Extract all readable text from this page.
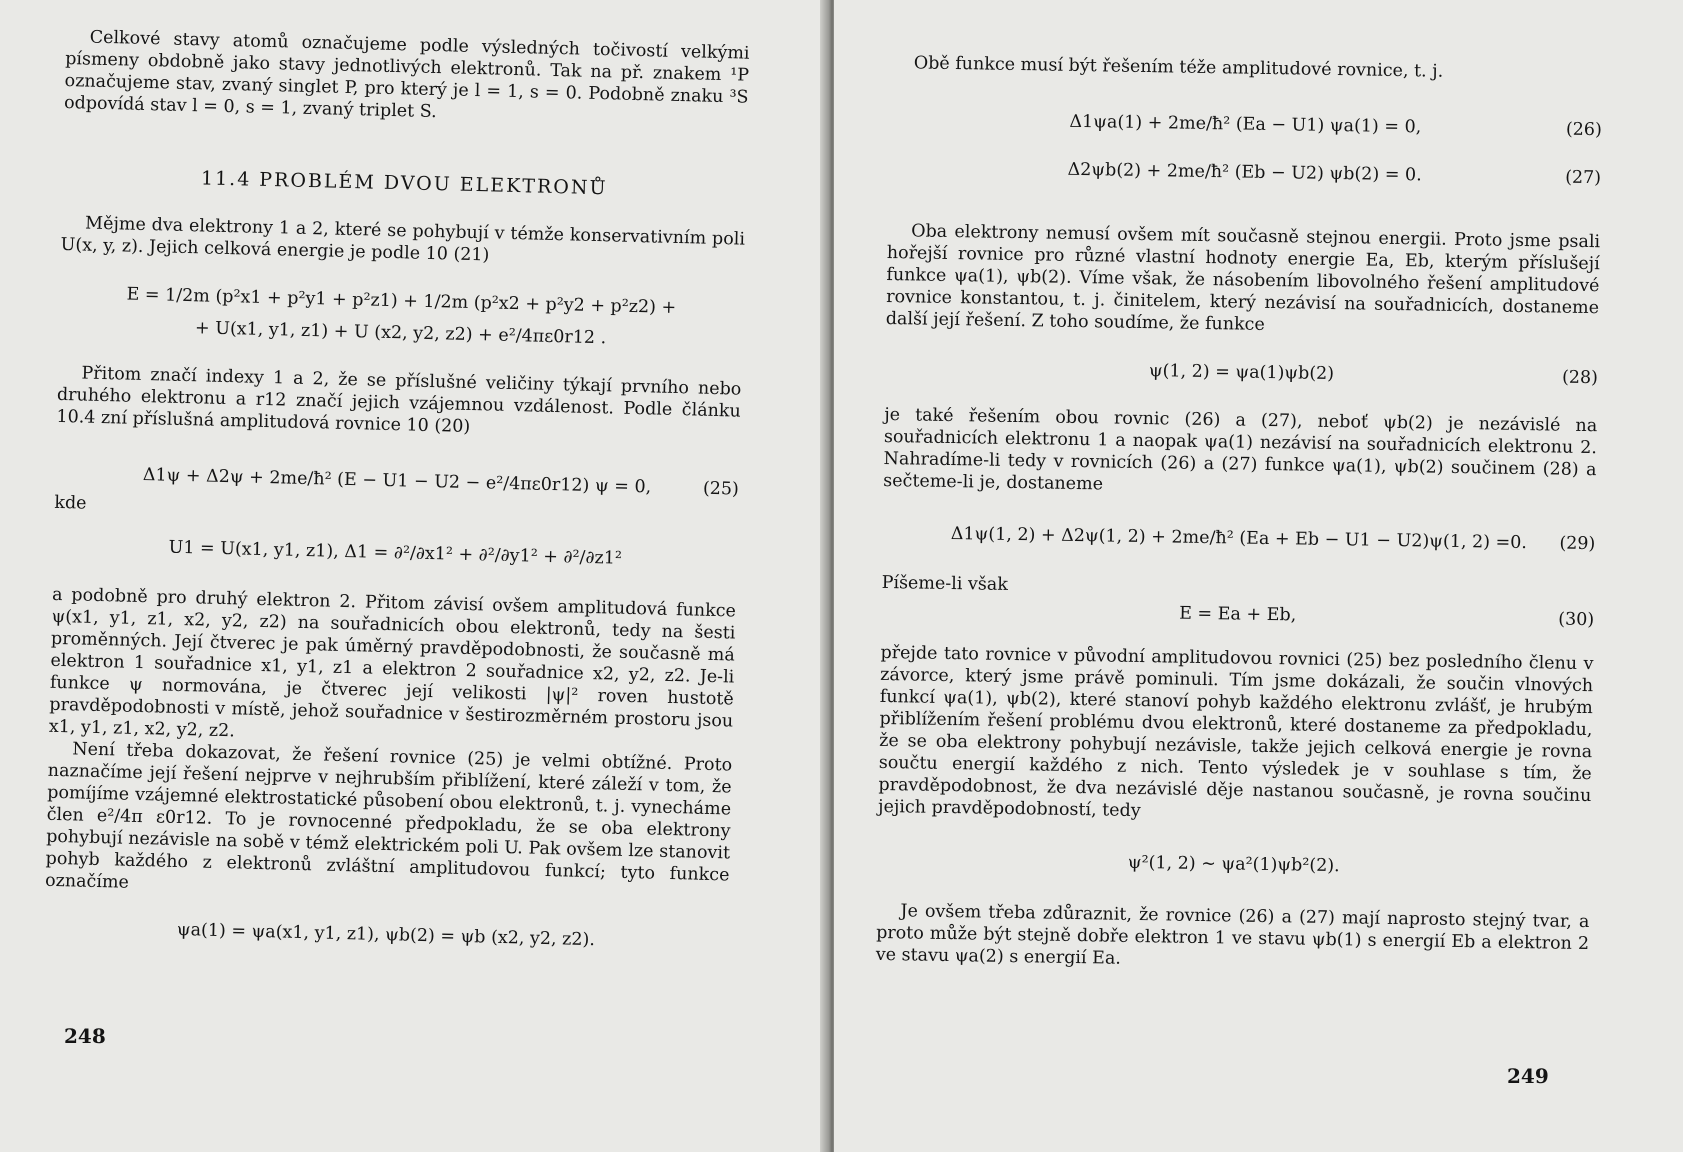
Celkové stavy atomů označujeme podle výsledných točivostí velkými písmeny obdobně jako stavy jednotlivých elektronů. Tak na př. znakem ¹P označujeme stav, zvaný singlet P, pro který je l = 1, s = 0. Podobně znaku ³S odpovídá stav l = 0, s = 1, zvaný triplet S.

11.4 PROBLÉM DVOU ELEKTRONŮ

Mějme dva elektrony 1 a 2, které se pohybují v témže konservativním poli U(x, y, z). Jejich celková energie je podle 10 (21)

E = 1/2m (p²x1 + p²y1 + p²z1) + 1/2m (p²x2 + p²y2 + p²z2) +
+ U(x1, y1, z1) + U (x2, y2, z2) + e²/4πε0r12 .

Přitom značí indexy 1 a 2, že se příslušné veličiny týkají prvního nebo druhého elektronu a r12 značí jejich vzájemnou vzdálenost. Podle článku 10.4 zní příslušná amplitudová rovnice 10 (20)

Δ1ψ + Δ2ψ + 2me/ħ² (E − U1 − U2 − e²/4πε0r12) ψ = 0,	(25)
kde
U1 = U(x1, y1, z1), Δ1 = ∂²/∂x1² + ∂²/∂y1² + ∂²/∂z1²

a podobně pro druhý elektron 2. Přitom závisí ovšem amplitudová funkce ψ(x1, y1, z1, x2, y2, z2) na souřadnicích obou elektronů, tedy na šesti proměnných. Její čtverec je pak úměrný pravděpodobnosti, že současně má elektron 1 souřadnice x1, y1, z1 a elektron 2 souřadnice x2, y2, z2. Je-li funkce ψ normována, je čtverec její velikosti |ψ|² roven hustotě pravděpodobnosti v místě, jehož souřadnice v šestirozměrném prostoru jsou x1, y1, z1, x2, y2, z2.

Není třeba dokazovat, že řešení rovnice (25) je velmi obtížné. Proto naznačíme její řešení nejprve v nejhrubším přiblížení, které záleží v tom, že pomíjíme vzájemné elektrostatické působení obou elektronů, t. j. vynecháme člen e²/4π ε0r12. To je rovnocenné předpokladu, že se oba elektrony pohybují nezávisle na sobě v témž elektrickém poli U. Pak ovšem lze stanovit pohyb každého z elektronů zvláštní amplitudovou funkcí; tyto funkce označíme

ψa(1) = ψa(x1, y1, z1), ψb(2) = ψb (x2, y2, z2).
248

Obě funkce musí být řešením téže amplitudové rovnice, t. j.

Δ1ψa(1) + 2me/ħ² (Ea − U1) ψa(1) = 0,	(26)
Δ2ψb(2) + 2me/ħ² (Eb − U2) ψb(2) = 0.	(27)

Oba elektrony nemusí ovšem mít současně stejnou energii. Proto jsme psali hořejší rovnice pro různé vlastní hodnoty energie Ea, Eb, kterým příslušejí funkce ψa(1), ψb(2). Víme však, že násobením libovolného řešení amplitudové rovnice konstantou, t. j. činitelem, který nezávisí na souřadnicích, dostaneme další její řešení. Z toho soudíme, že funkce

ψ(1, 2) = ψa(1)ψb(2)	(28)

je také řešením obou rovnic (26) a (27), neboť ψb(2) je nezávislé na souřadnicích elektronu 1 a naopak ψa(1) nezávisí na souřadnicích elektronu 2. Nahradíme-li tedy v rovnicích (26) a (27) funkce ψa(1), ψb(2) součinem (28) a sečteme-li je, dostaneme

Δ1ψ(1, 2) + Δ2ψ(1, 2) + 2me/ħ² (Ea + Eb − U1 − U2)ψ(1, 2) =0. (29)

Píšeme-li však

E = Ea + Eb,	(30)

přejde tato rovnice v původní amplitudovou rovnici (25) bez posledního členu v závorce, který jsme právě pominuli. Tím jsme dokázali, že součin vlnových funkcí ψa(1), ψb(2), které stanoví pohyb každého elektronu zvlášť, je hrubým přiblížením řešení problému dvou elektronů, které dostaneme za předpokladu, že se oba elektrony pohybují nezávisle, takže jejich celková energie je rovna součtu energií každého z nich. Tento výsledek je v souhlase s tím, že pravděpodobnost, že dva nezávislé děje nastanou současně, je rovna součinu jejich pravděpodobností, tedy

ψ²(1, 2) ~ ψa²(1)ψb²(2).

Je ovšem třeba zdůraznit, že rovnice (26) a (27) mají naprosto stejný tvar, a proto může být stejně dobře elektron 1 ve stavu ψb(1) s energií Eb a elektron 2 ve stavu ψa(2) s energií Ea.

249
